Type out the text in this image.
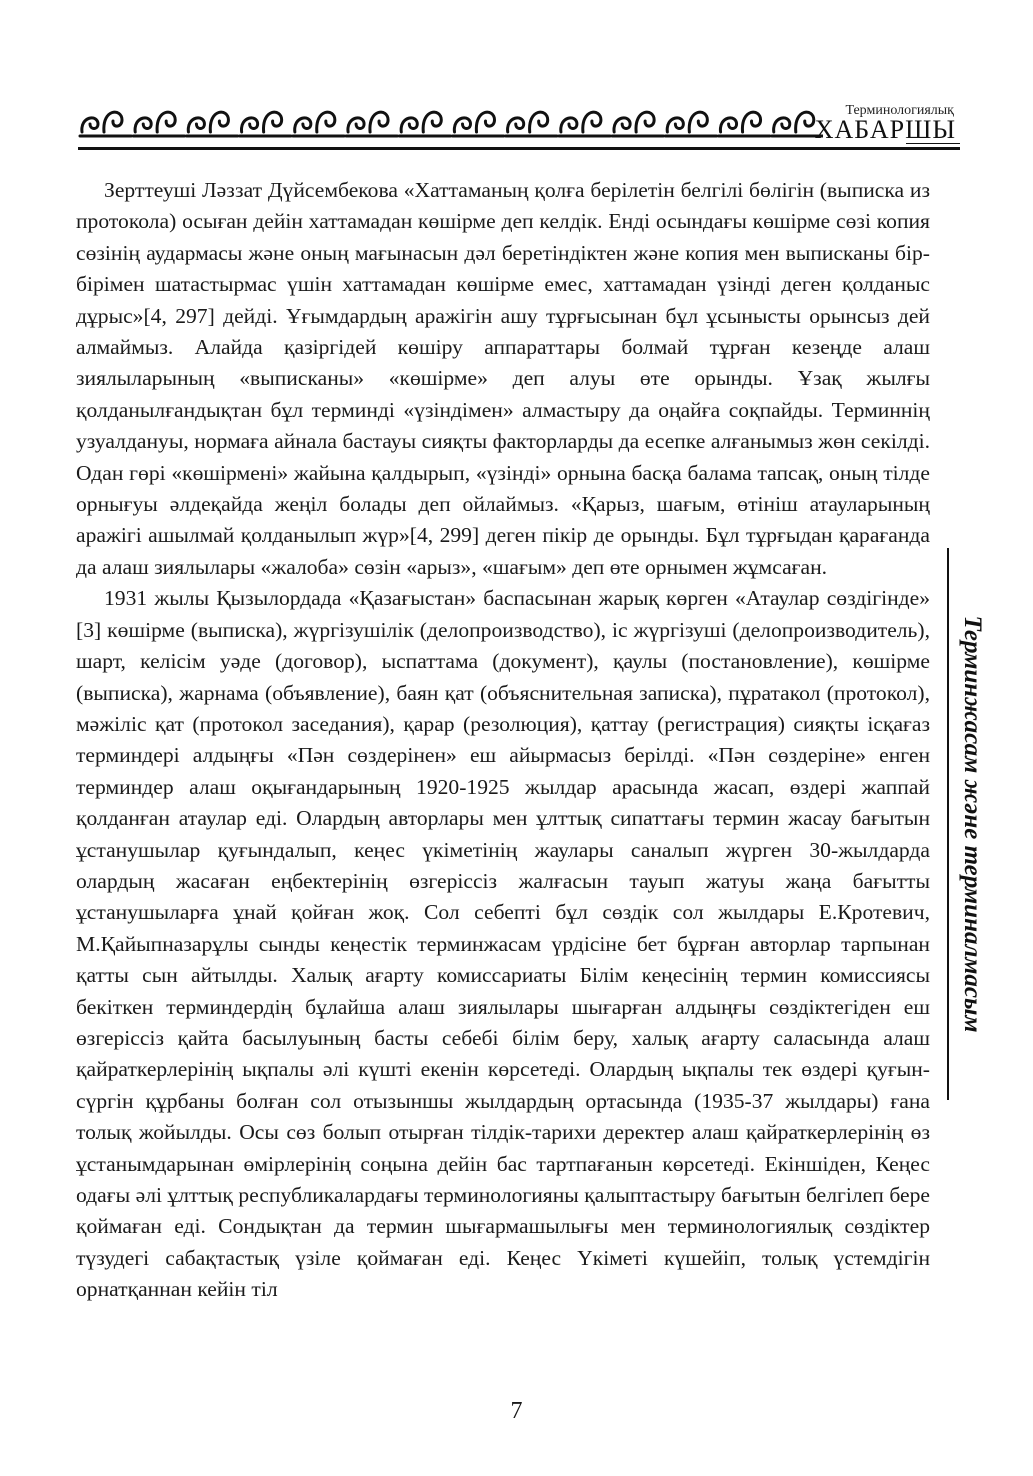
Терминологиялық
ХАБАРШЫ

Зерттеуші Ләззат Дүйсембекова «Хаттаманың қолға берілетін белгілі бөлігін (выписка из протокола) осыған дейін хаттамадан көшірме деп келдік. Енді осындағы көшірме сөзі копия сөзінің аудармасы және оның мағынасын дәл беретіндіктен және копия мен выписканы бір-бірімен шатастырмас үшін хаттамадан көшірме емес, хаттамадан үзінді деген қолданыс дұрыс»[4, 297] дейді. Ұғымдардың аражігін ашу тұрғысынан бұл ұсынысты орынсыз дей алмаймыз. Алайда қазіргідей көшіру аппараттары болмай тұрған кезеңде алаш зиялыларының «выписканы» «көшірме» деп алуы өте орынды. Ұзақ жылғы қолданылғандықтан бұл терминді «үзіндімен» алмастыру да оңайға соқпайды. Терминнің узуалдануы, нормаға айнала бастауы сияқты факторларды да есепке алғанымыз жөн секілді. Одан гөрі «көшірмені» жайына қалдырып, «үзінді» орнына басқа балама тапсақ, оның тілде орнығуы әлдеқайда жеңіл болады деп ойлаймыз. «Қарыз, шағым, өтініш атауларының аражігі ашылмай қолданылып жүр»[4, 299] деген пікір де орынды. Бұл тұрғыдан қарағанда да алаш зиялылары «жалоба» сөзін «арыз», «шағым» деп өте орнымен жұмсаған.

1931 жылы Қызылордада «Қазағыстан» баспасынан жарық көрген «Атаулар сөздігінде» [3] көшірме (выписка), жүргізушілік (делопроизводство), іс жүргізуші (делопроизводитель), шарт, келісім уәде (договор), ыспаттама (документ), қаулы (постановление), көшірме (выписка), жарнама (объявление), баян қат (объяснительная записка), пұратакол (протокол), мәжіліс қат (протокол заседания), қарар (резолюция), қаттау (регистрация) сияқты ісқағаз терминдері алдыңғы «Пән сөздерінен» еш айырмасыз берілді. «Пән сөздеріне» енген терминдер алаш оқығандарының 1920-1925 жылдар арасында жасап, өздері жаппай қолданған атаулар еді. Олардың авторлары мен ұлттық сипаттағы термин жасау бағытын ұстанушылар қуғындалып, кеңес үкіметінің жаулары саналып жүрген 30-жылдарда олардың жасаған еңбектерінің өзгеріссіз жалғасын тауып жатуы жаңа бағытты ұстанушыларға ұнай қойған жоқ. Сол себепті бұл сөздік сол жылдары Е.Кротевич, М.Қайыпназарұлы сынды кеңестік терминжасам үрдісіне бет бұрған авторлар тарпынан қатты сын айтылды. Халық ағарту комиссариаты Білім кеңесінің термин комиссиясы бекіткен терминдердің бұлайша алаш зиялылары шығарған алдыңғы сөздіктегіден еш өзгеріссіз қайта басылуының басты себебі білім беру, халық ағарту саласында алаш қайраткерлерінің ықпалы әлі күшті екенін көрсетеді. Олардың ықпалы тек өздері қуғын-сүргін құрбаны болған сол отызыншы жылдардың ортасында (1935-37 жылдары) ғана толық жойылды. Осы сөз болып отырған тілдік-тарихи деректер алаш қайраткерлерінің өз ұстанымдарынан өмірлерінің соңына дейін бас тартпағанын көрсетеді. Екіншіден, Кеңес одағы әлі ұлттық республикалардағы терминологияны қалыптастыру бағытын белгілеп бере қоймаған еді. Сондықтан да термин шығармашылығы мен терминологиялық сөздіктер түзудегі сабақтастық үзіле қоймаған еді. Кеңес Үкіметі күшейіп, толық үстемдігін орнатқаннан кейін тіл

Терминжасам және терминалмасым
7
